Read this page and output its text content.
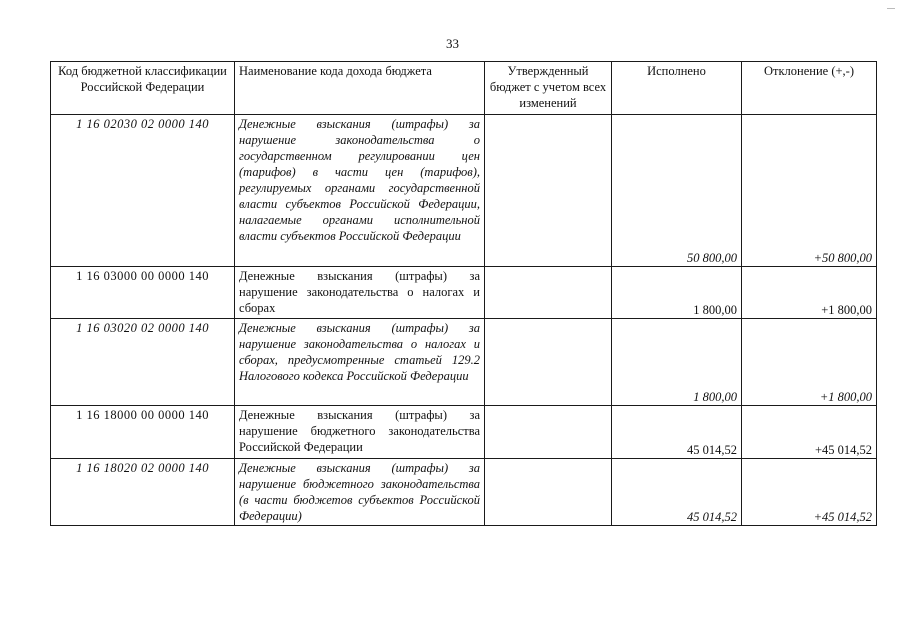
33
Код бюджетной классификации Российской Федерации	Наименование кода дохода бюджета	Утвержденный бюджет с учетом всех изменений	Исполнено	Отклонение (+,-)
1 16 02030 02 0000 140	Денежные взыскания (штрафы) за нарушение законодательства о государственном регулировании цен (тарифов) в части цен (тарифов), регулируемых органами государственной власти субъектов Российской Федерации, налагаемые органами исполнительной власти субъектов Российской Федерации		50 800,00	+50 800,00
1 16 03000 00 0000 140	Денежные взыскания (штрафы) за нарушение законодательства о налогах и сборах		1 800,00	+1 800,00
1 16 03020 02 0000 140	Денежные взыскания (штрафы) за нарушение законодательства о налогах и сборах, предусмотренные статьей 129.2 Налогового кодекса Российской Федерации		1 800,00	+1 800,00
1 16 18000 00 0000 140	Денежные взыскания (штрафы) за нарушение бюджетного законодательства Российской Федерации		45 014,52	+45 014,52
1 16 18020 02 0000 140	Денежные взыскания (штрафы) за нарушение бюджетного законодательства (в части бюджетов субъектов Российской Федерации)		45 014,52	+45 014,52
